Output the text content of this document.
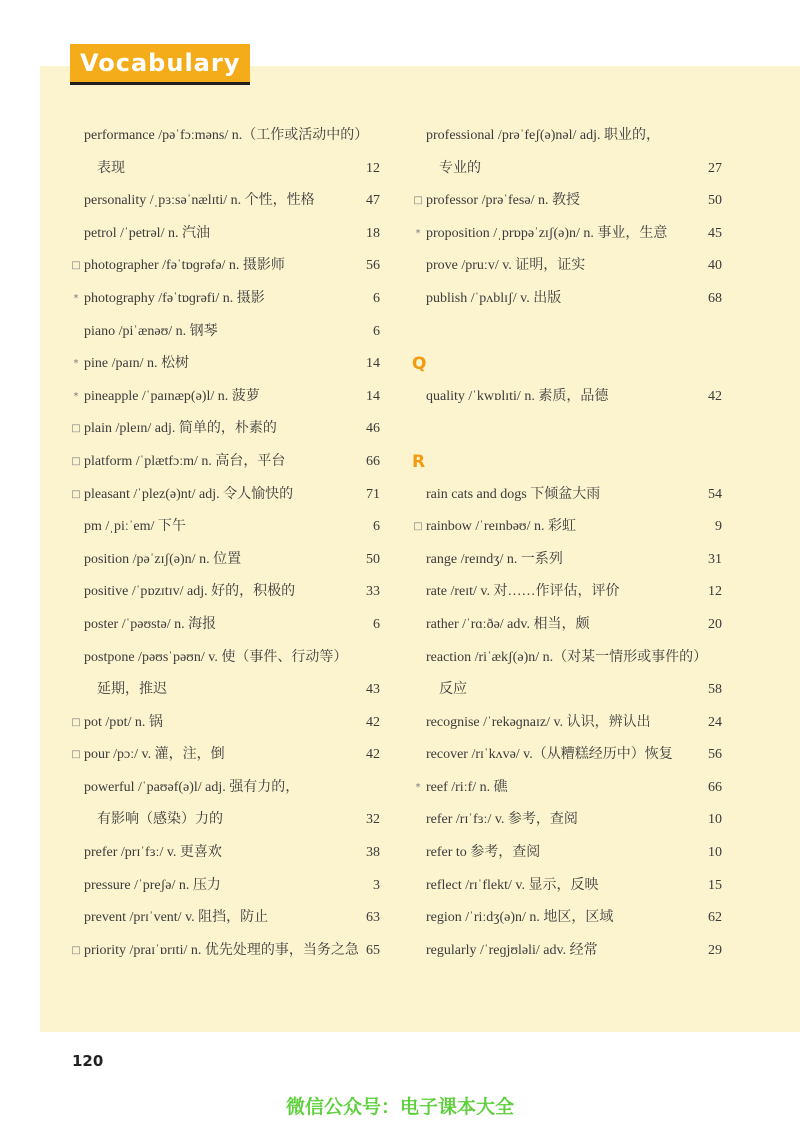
Vocabulary
performance /pəˈfɔːməns/ n.（工作或活动中的）
表现	12
personality /ˌpɜːsəˈnælɪti/ n. 个性，性格	47
petrol /ˈpetrəl/ n. 汽油	18
□ photographer /fəˈtɒɡrəfə/ n. 摄影师	56
* photography /fəˈtɒɡrəfi/ n. 摄影	6
piano /piˈænəʊ/ n. 钢琴	6
* pine /paɪn/ n. 松树	14
* pineapple /ˈpaɪnæp(ə)l/ n. 菠萝	14
□ plain /pleɪn/ adj. 简单的，朴素的	46
□ platform /ˈplætfɔːm/ n. 高台，平台	66
□ pleasant /ˈplez(ə)nt/ adj. 令人愉快的	71
pm /ˌpiːˈem/ 下午	6
position /pəˈzɪʃ(ə)n/ n. 位置	50
positive /ˈpɒzɪtɪv/ adj. 好的，积极的	33
poster /ˈpəʊstə/ n. 海报	6
postpone /pəʊsˈpəʊn/ v. 使（事件、行动等）
延期，推迟	43
□ pot /pɒt/ n. 锅	42
□ pour /pɔː/ v. 灌，注，倒	42
powerful /ˈpaʊəf(ə)l/ adj. 强有力的，
有影响（感染）力的	32
prefer /prɪˈfɜː/ v. 更喜欢	38
pressure /ˈpreʃə/ n. 压力	3
prevent /prɪˈvent/ v. 阻挡，防止	63
□ priority /praɪˈɒrɪti/ n. 优先处理的事，当务之急 65
professional /prəˈfeʃ(ə)nəl/ adj. 职业的，
专业的	27
□ professor /prəˈfesə/ n. 教授	50
* proposition /ˌprɒpəˈzɪʃ(ə)n/ n. 事业，生意	45
prove /pruːv/ v. 证明，证实	40
publish /ˈpʌblɪʃ/ v. 出版	68
Q
quality /ˈkwɒlɪti/ n. 素质，品德	42
R
rain cats and dogs 下倾盆大雨	54
□ rainbow /ˈreɪnbəʊ/ n. 彩虹	9
range /reɪndʒ/ n. 一系列	31
rate /reɪt/ v. 对……作评估，评价	12
rather /ˈrɑːðə/ adv. 相当，颇	20
reaction /riˈækʃ(ə)n/ n.（对某一情形或事件的）
反应	58
recognise /ˈrekəɡnaɪz/ v. 认识，辨认出	24
recover /rɪˈkʌvə/ v.（从糟糕经历中）恢复	56
* reef /riːf/ n. 礁	66
refer /rɪˈfɜː/ v. 参考，查阅	10
refer to 参考，查阅	10
reflect /rɪˈflekt/ v. 显示，反映	15
region /ˈriːdʒ(ə)n/ n. 地区，区域	62
regularly /ˈreɡjʊləli/ adv. 经常	29
120
微信公众号：电子课本大全
